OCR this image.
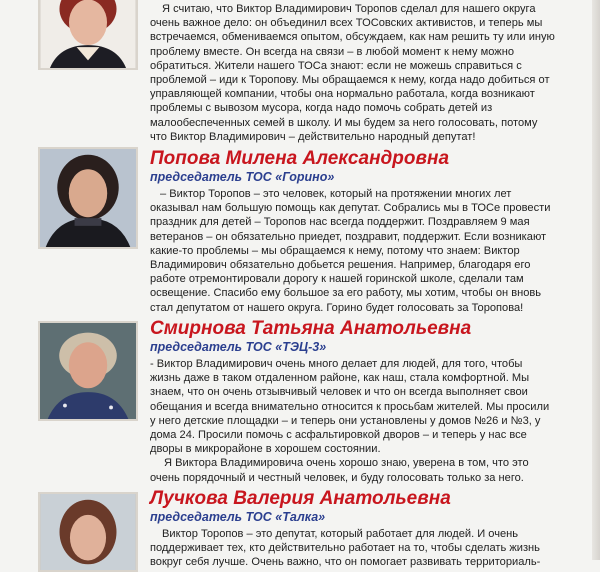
Я считаю, что Виктор Владимирович Торопов сделал для нашего округа очень важное дело: он объединил всех ТОСовских активистов, и теперь мы встречаемся, обмениваемся опытом, обсуждаем, как нам решить ту или иную проблему вместе. Он всегда на связи – в любой момент к нему можно обратиться. Жители нашего ТОСа знают: если не можешь справиться с проблемой – иди к Торопову. Мы обращаемся к нему, когда надо добиться от управляющей компании, чтобы она нормально работала, когда возникают проблемы с вывозом мусора, когда надо помочь собрать детей из малообеспеченных семей в школу. И мы будем за него голосовать, потому что Виктор Владимирович – действительно народный депутат!

Попова Милена Александровна
председатель ТОС «Горино»

– Виктор Торопов – это человек, который на протяжении многих лет оказывал нам большую помощь как депутат. Собрались мы в ТОСе провести праздник для детей – Торопов нас всегда поддержит. Поздравляем 9 мая ветеранов – он обязательно приедет, поздравит, поддержит. Если возникают какие-то проблемы – мы обращаемся к нему, потому что знаем: Виктор Владимирович обязательно добьется решения. Например, благодаря его работе отремонтировали дорогу к нашей горинской школе, сделали там освещение. Спасибо ему большое за его работу, мы хотим, чтобы он вновь стал депутатом от нашего округа. Горино будет голосовать за Торопова!

Смирнова Татьяна Анатольевна
председатель ТОС «ТЭЦ-3»

- Виктор Владимирович очень много делает для людей, для того, чтобы жизнь даже в таком отдаленном районе, как наш, стала комфортной. Мы знаем, что он очень отзывчивый человек и что он всегда выполняет свои обещания и всегда внимательно относится к просьбам жителей. Мы просили у него детские площадки – и теперь они установлены у домов №26 и №3, у дома 24. Просили помочь с асфальтировкой дворов – и теперь у нас все дворы в микрорайоне в хорошем состоянии.

Я Виктора Владимировича очень хорошо знаю, уверена в том, что это очень порядочный и честный человек, и буду голосовать только за него.

Лучкова Валерия Анатольевна
председатель ТОС «Талка»

Виктор Торопов – это депутат, который работает для людей. И очень поддерживает тех, кто действительно работает на то, чтобы сделать жизнь вокруг себя лучше. Очень важно, что он помогает развивать территориаль-
